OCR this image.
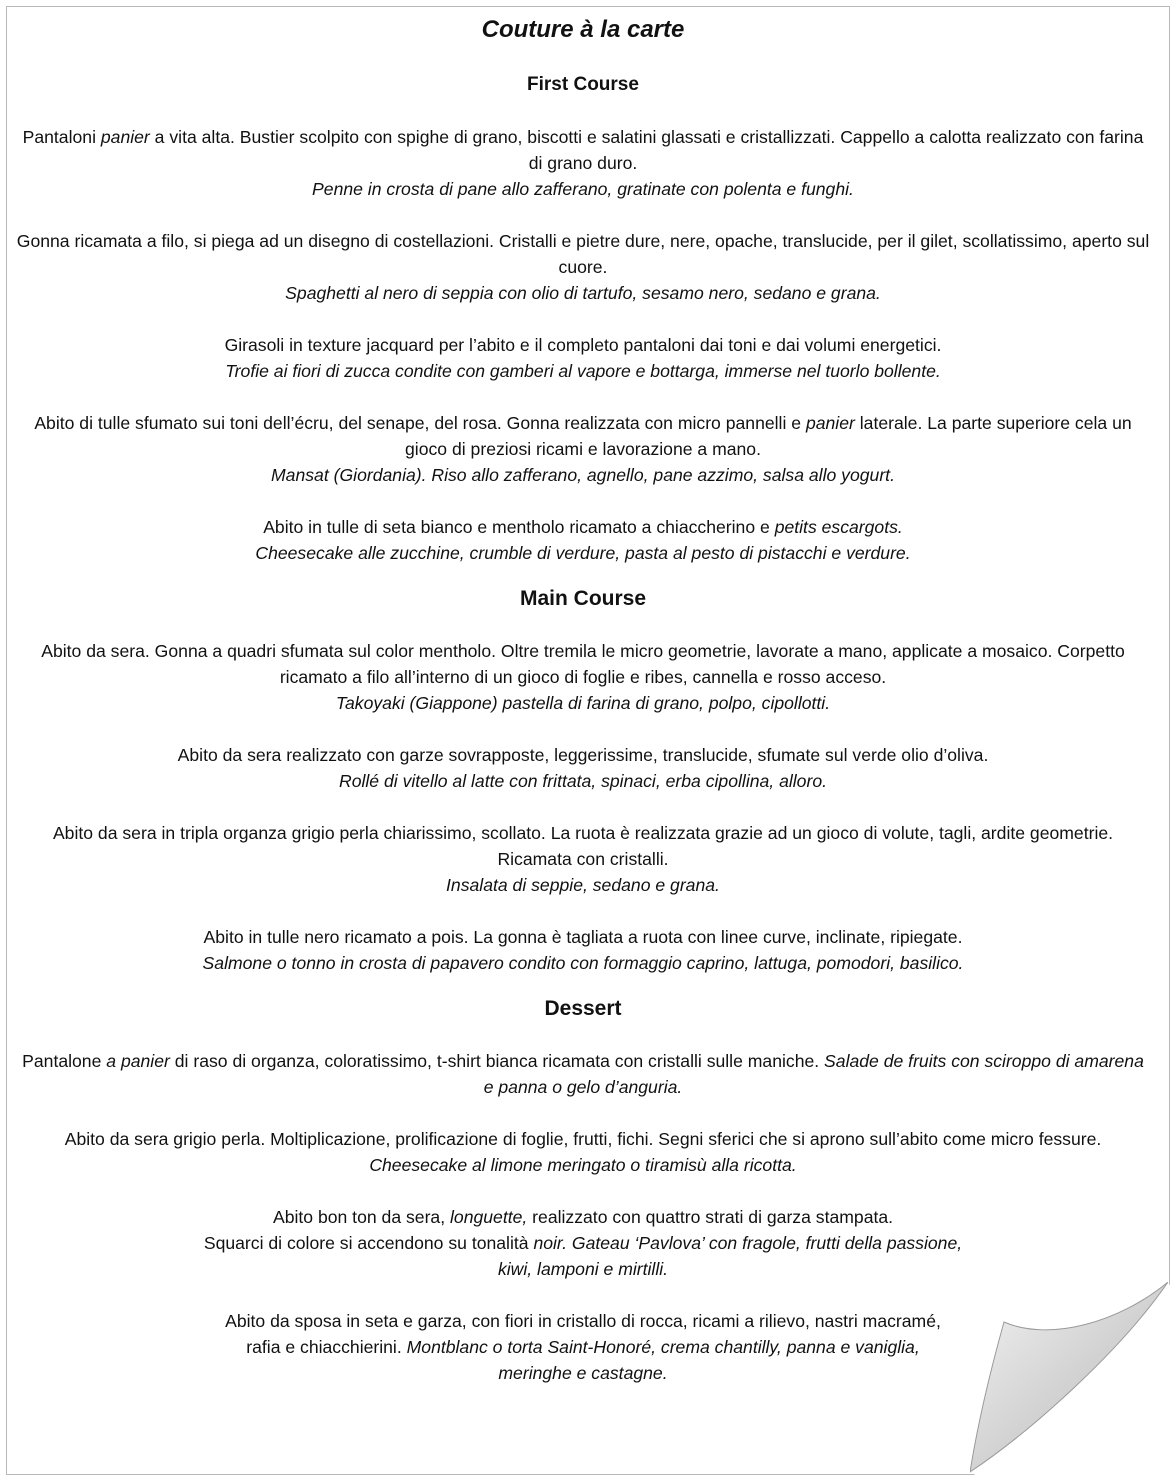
Couture à la carte
First Course

Pantaloni panier a vita alta. Bustier scolpito con spighe di grano, biscotti e salatini glassati e cristallizzati. Cappello a calotta realizzato con farina di grano duro.
Penne in crosta di pane allo zafferano, gratinate con polenta e funghi.

Gonna ricamata a filo, si piega ad un disegno di costellazioni. Cristalli e pietre dure, nere, opache, translucide, per il gilet, scollatissimo, aperto sul cuore.
Spaghetti al nero di seppia con olio di tartufo, sesamo nero, sedano e grana.

Girasoli in texture jacquard per l’abito e il completo pantaloni dai toni e dai volumi energetici.
Trofie ai fiori di zucca condite con gamberi al vapore e bottarga, immerse nel tuorlo bollente.

Abito di tulle sfumato sui toni dell’écru, del senape, del rosa. Gonna realizzata con micro pannelli e panier laterale. La parte superiore cela un gioco di preziosi ricami e lavorazione a mano.
Mansat (Giordania). Riso allo zafferano, agnello, pane azzimo, salsa allo yogurt.

Abito in tulle di seta bianco e mentholo ricamato a chiaccherino e petits escargots.
Cheesecake alle zucchine, crumble di verdure, pasta al pesto di pistacchi e verdure.

Main Course

Abito da sera. Gonna a quadri sfumata sul color mentholo. Oltre tremila le micro geometrie, lavorate a mano, applicate a mosaico. Corpetto ricamato a filo all’interno di un gioco di foglie e ribes, cannella e rosso acceso.
Takoyaki (Giappone) pastella di farina di grano, polpo, cipollotti.

Abito da sera realizzato con garze sovrapposte, leggerissime, translucide, sfumate sul verde olio d’oliva.
Rollé di vitello al latte con frittata, spinaci, erba cipollina, alloro.

Abito da sera in tripla organza grigio perla chiarissimo, scollato. La ruota è realizzata grazie ad un gioco di volute, tagli, ardite geometrie. Ricamata con cristalli.
Insalata di seppie, sedano e grana.

Abito in tulle nero ricamato a pois. La gonna è tagliata a ruota con linee curve, inclinate, ripiegate.
Salmone o tonno in crosta di papavero condito con formaggio caprino, lattuga, pomodori, basilico.

Dessert

Pantalone a panier di raso di organza, coloratissimo, t-shirt bianca ricamata con cristalli sulle maniche. Salade de fruits con sciroppo di amarena e panna o gelo d’anguria.

Abito da sera grigio perla. Moltiplicazione, prolificazione di foglie, frutti, fichi. Segni sferici che si aprono sull’abito come micro fessure. Cheesecake al limone meringato o tiramisù alla ricotta.

Abito bon ton da sera, longuette, realizzato con quattro strati di garza stampata.
Squarci di colore si accendono su tonalità noir. Gateau ‘Pavlova’ con fragole, frutti della passione,
kiwi, lamponi e mirtilli.

Abito da sposa in seta e garza, con fiori in cristallo di rocca, ricami a rilievo, nastri macramé,
rafia e chiacchierini. Montblanc o torta Saint-Honoré, crema chantilly, panna e vaniglia,
meringhe e castagne.
